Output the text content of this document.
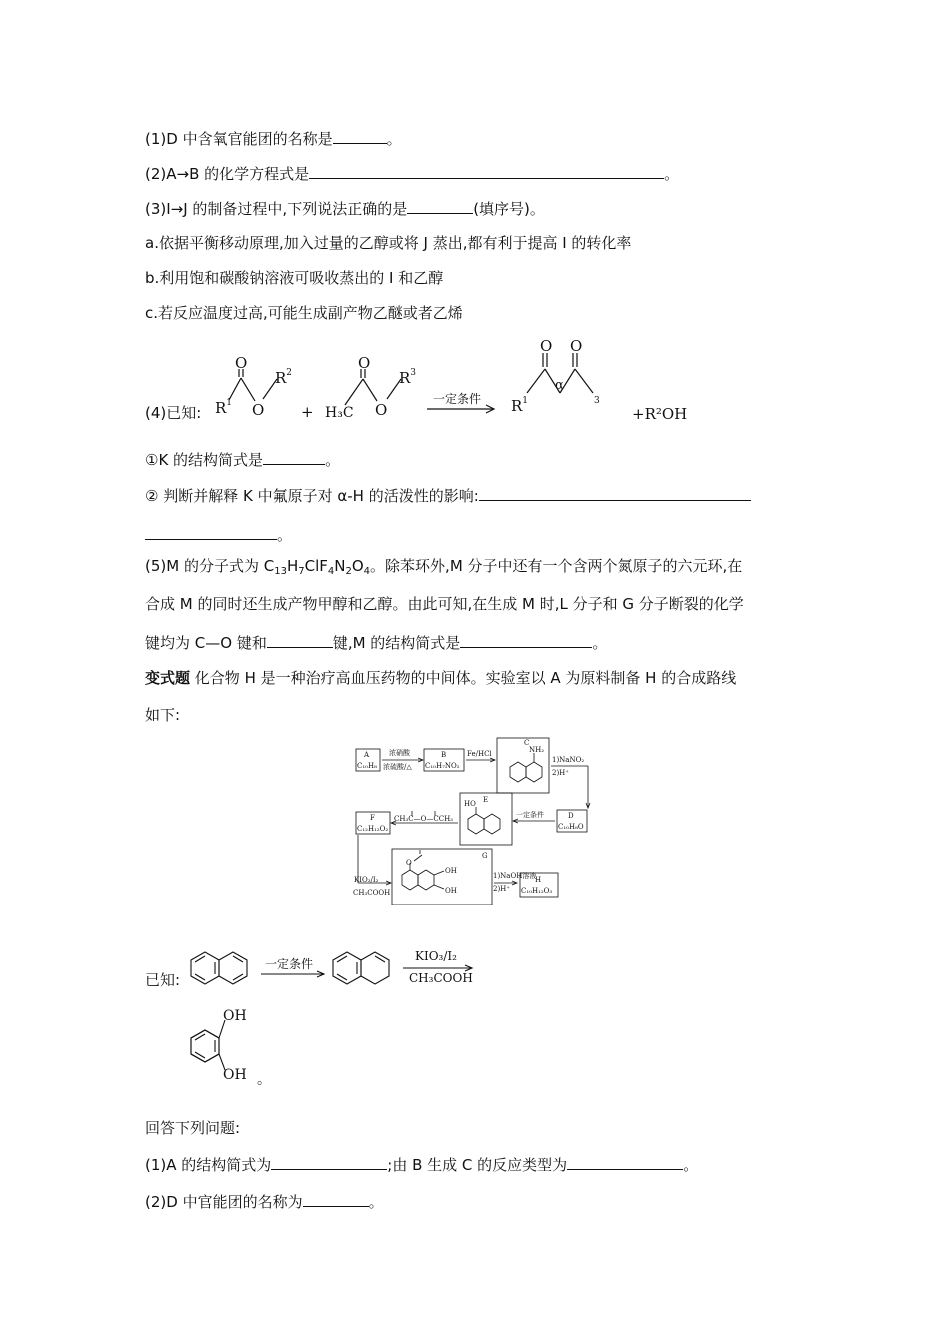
(1)D 中含氧官能团的名称是	。
(2)A→B 的化学方程式是	。
(3)I→J 的制备过程中,下列说法正确的是	(填序号)。
a.依据平衡移动原理,加入过量的乙醇或将 J 蒸出,都有利于提高 I 的转化率
b.利用饱和碳酸钠溶液可吸收蒸出的 I 和乙醇
c.若反应温度过高,可能生成副产物乙醚或者乙烯
(4)已知: $R^1$
O
O
$R^2$
+ H₃C
O
O
$R^3$
一定条件 $R^1$
O
α
O
$^3$
+R²OH
①K 的结构简式是	。
② 判断并解释 K 中氟原子对 α-H 的活泼性的影响:
。
(5)M 的分子式为 $C_{13}H_7ClF_4N_2O_4$。除苯环外,M 分子中还有一个含两个氮原子的六元环,在
合成 M 的同时还生成产物甲醇和乙醇。由此可知,在生成 M 时,L 分子和 G 分子断裂的化学
键均为 C—O 键和	键,M 的结构简式是	。
变式题 化合物 H 是一种治疗高血压药物的中间体。实验室以 A 为原料制备 H 的合成路线
如下:
A
C₁₀H₈
浓硝酸
浓硫酸/△
B
C₁₀H₇NO₂
Fe/HCl
C
NH₂
1)NaNO₂
2)H⁺
D
C₁₀H₈O
一定条件
E
HO
CH₃C—O—CCH₃
F
C₁₂H₁₂O₂
KIO₃/I₂
CH₃COOH
G
O
OH
OH
1)NaOH溶液
2)H⁺
H
C₁₀H₁₂O₃
已知:
一定条件
KIO₃/I₂
CH₃COOH
OH
OH 。
回答下列问题:
(1)A 的结构简式为	;由 B 生成 C 的反应类型为	。
(2)D 中官能团的名称为	。
